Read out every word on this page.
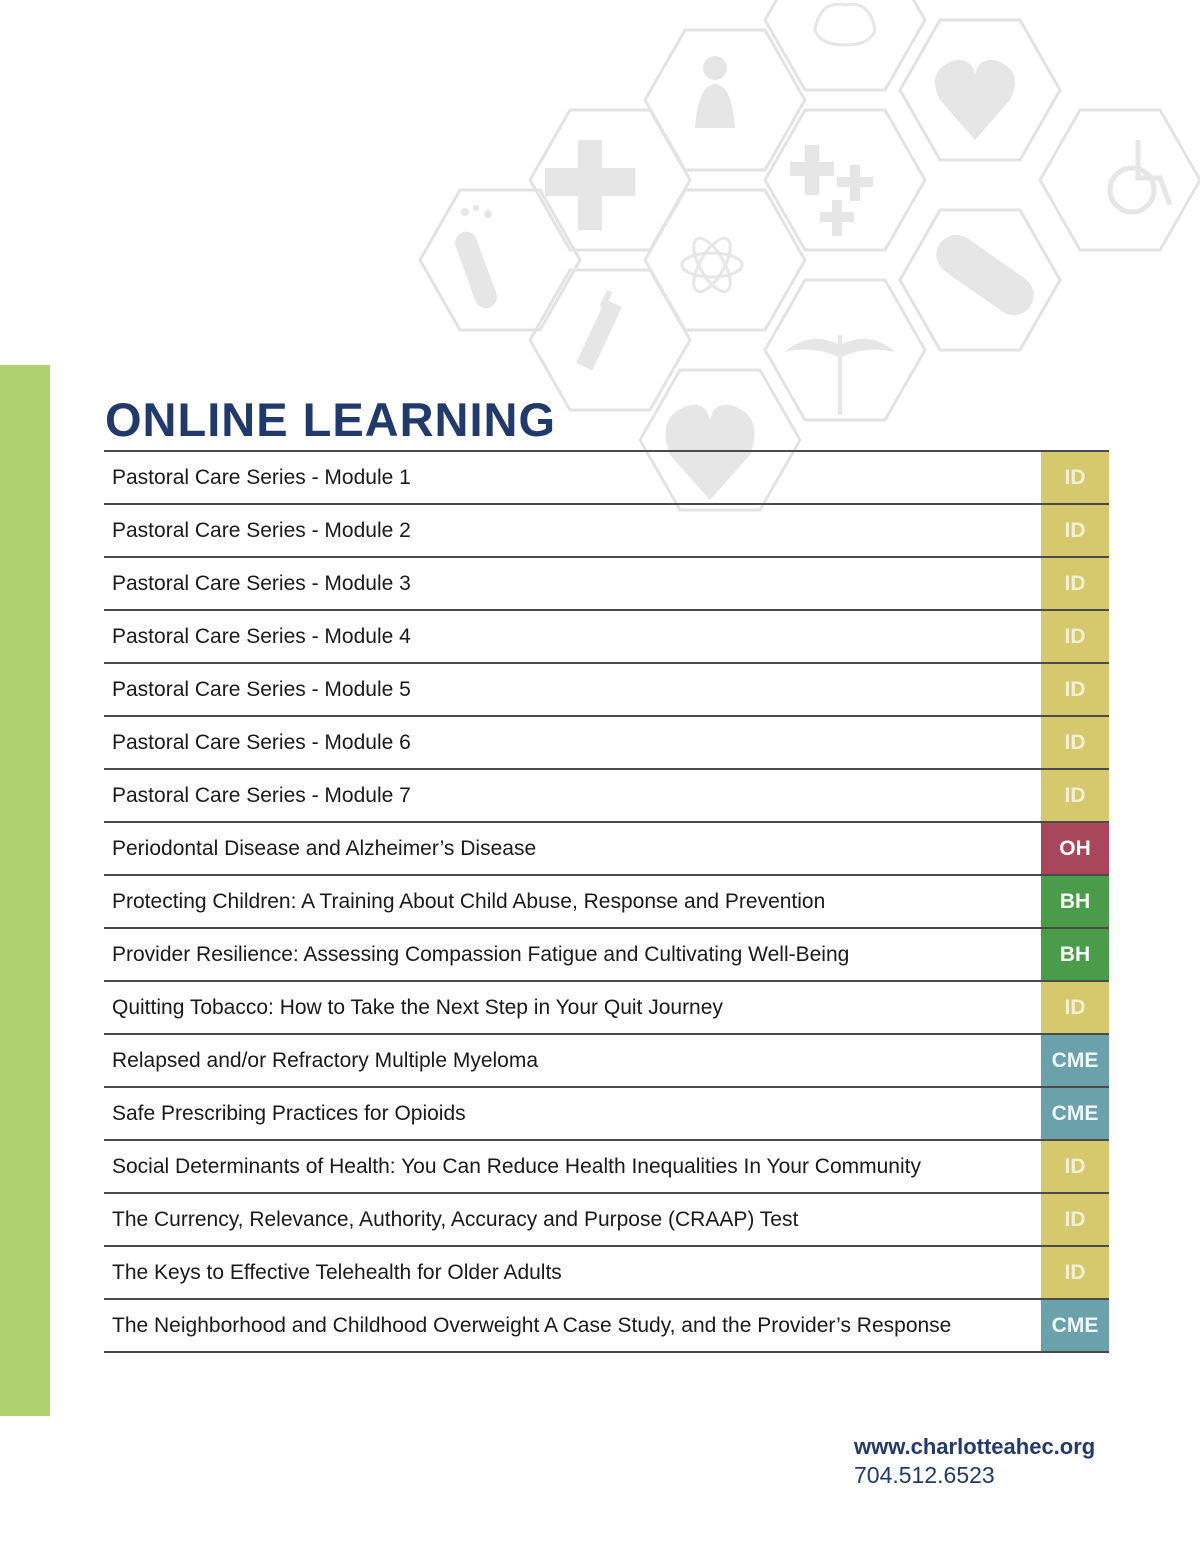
ONLINE LEARNING
Pastoral Care Series - Module 1	ID
Pastoral Care Series - Module 2	ID
Pastoral Care Series - Module 3	ID
Pastoral Care Series - Module 4	ID
Pastoral Care Series - Module 5	ID
Pastoral Care Series - Module 6	ID
Pastoral Care Series - Module 7	ID
Periodontal Disease and Alzheimer’s Disease	OH
Protecting Children: A Training About Child Abuse, Response and Prevention	BH
Provider Resilience: Assessing Compassion Fatigue and Cultivating Well-Being	BH
Quitting Tobacco: How to Take the Next Step in Your Quit Journey	ID
Relapsed and/or Refractory Multiple Myeloma	CME
Safe Prescribing Practices for Opioids	CME
Social Determinants of Health: You Can Reduce Health Inequalities In Your Community	ID
The Currency, Relevance, Authority, Accuracy and Purpose (CRAAP) Test	ID
The Keys to Effective Telehealth for Older Adults	ID
The Neighborhood and Childhood Overweight A Case Study, and the Provider’s Response	CME
www.charlotteahec.org
704.512.6523
